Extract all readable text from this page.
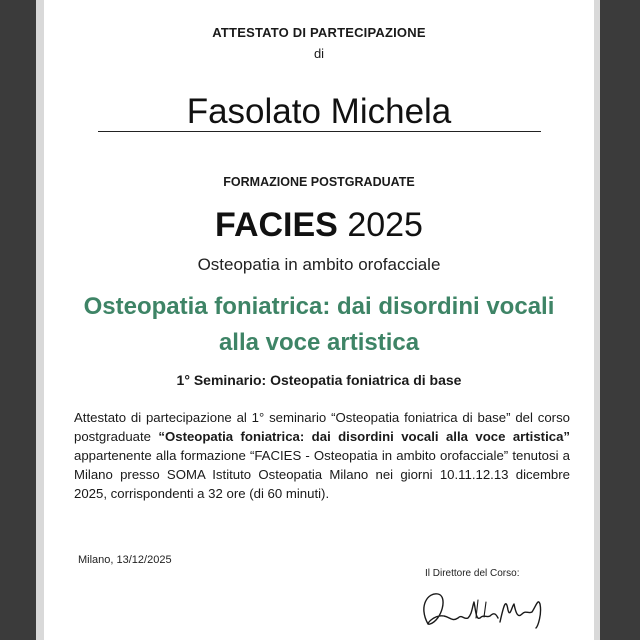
ATTESTATO DI PARTECIPAZIONE
di
Fasolato Michela
FORMAZIONE POSTGRADUATE
FACIES 2025
Osteopatia in ambito orofacciale
Osteopatia foniatrica: dai disordini vocali alla voce artistica
1° Seminario: Osteopatia foniatrica di base
Attestato di partecipazione al 1° seminario “Osteopatia foniatrica di base” del corso postgraduate “Osteopatia foniatrica: dai disordini vocali alla voce artistica” appartenente alla formazione “FACIES - Osteopatia in ambito orofacciale” tenutosi a Milano presso SOMA Istituto Osteopatia Milano nei giorni 10.11.12.13 dicembre 2025, corrispondenti a 32 ore (di 60 minuti).
Milano, 13/12/2025
Il Direttore del Corso:
